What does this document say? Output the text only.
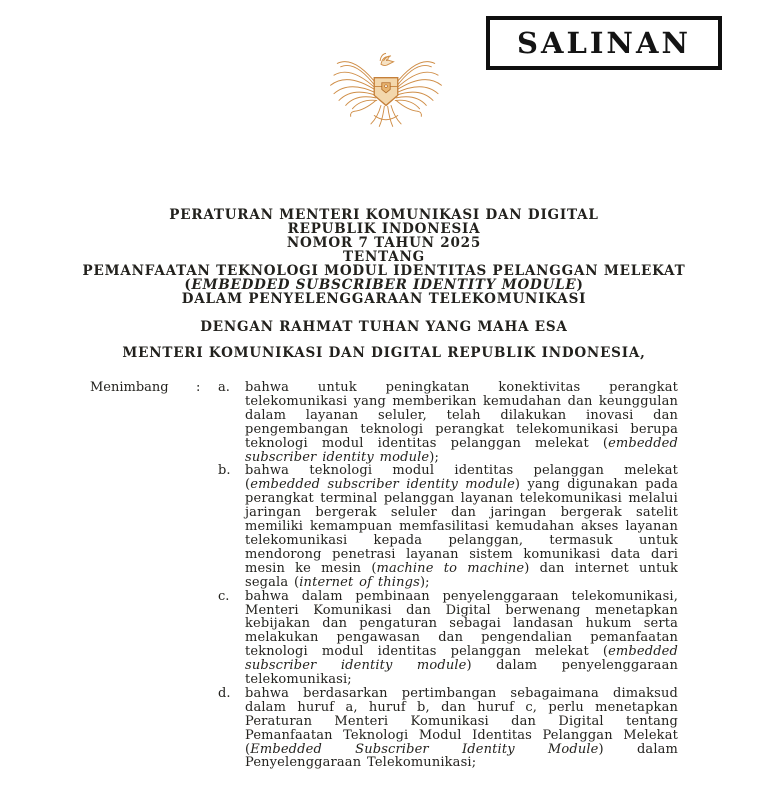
SALINAN
PERATURAN MENTERI KOMUNIKASI DAN DIGITAL
REPUBLIK INDONESIA
NOMOR 7 TAHUN 2025
TENTANG
PEMANFAATAN TEKNOLOGI MODUL IDENTITAS PELANGGAN MELEKAT
(EMBEDDED SUBSCRIBER IDENTITY MODULE)
DALAM PENYELENGGARAAN TELEKOMUNIKASI
DENGAN RAHMAT TUHAN YANG MAHA ESA
MENTERI KOMUNIKASI DAN DIGITAL REPUBLIK INDONESIA,
Menimbang	:	a.	bahwa untuk peningkatan konektivitas perangkat telekomunikasi yang memberikan kemudahan dan keunggulan dalam layanan seluler, telah dilakukan inovasi dan pengembangan teknologi perangkat telekomunikasi berupa teknologi modul identitas pelanggan melekat (embedded subscriber identity module);
b.	bahwa teknologi modul identitas pelanggan melekat (embedded subscriber identity module) yang digunakan pada perangkat terminal pelanggan layanan telekomunikasi melalui jaringan bergerak seluler dan jaringan bergerak satelit memiliki kemampuan memfasilitasi kemudahan akses layanan telekomunikasi kepada pelanggan, termasuk untuk mendorong penetrasi layanan sistem komunikasi data dari mesin ke mesin (machine to machine) dan internet untuk segala (internet of things);
c.	bahwa dalam pembinaan penyelenggaraan telekomunikasi, Menteri Komunikasi dan Digital berwenang menetapkan kebijakan dan pengaturan sebagai landasan hukum serta melakukan pengawasan dan pengendalian pemanfaatan teknologi modul identitas pelanggan melekat (embedded subscriber identity module) dalam penyelenggaraan telekomunikasi;
d.	bahwa berdasarkan pertimbangan sebagaimana dimaksud dalam huruf a, huruf b, dan huruf c, perlu menetapkan Peraturan Menteri Komunikasi dan Digital tentang Pemanfaatan Teknologi Modul Identitas Pelanggan Melekat (Embedded Subscriber Identity Module) dalam Penyelenggaraan Telekomunikasi;
